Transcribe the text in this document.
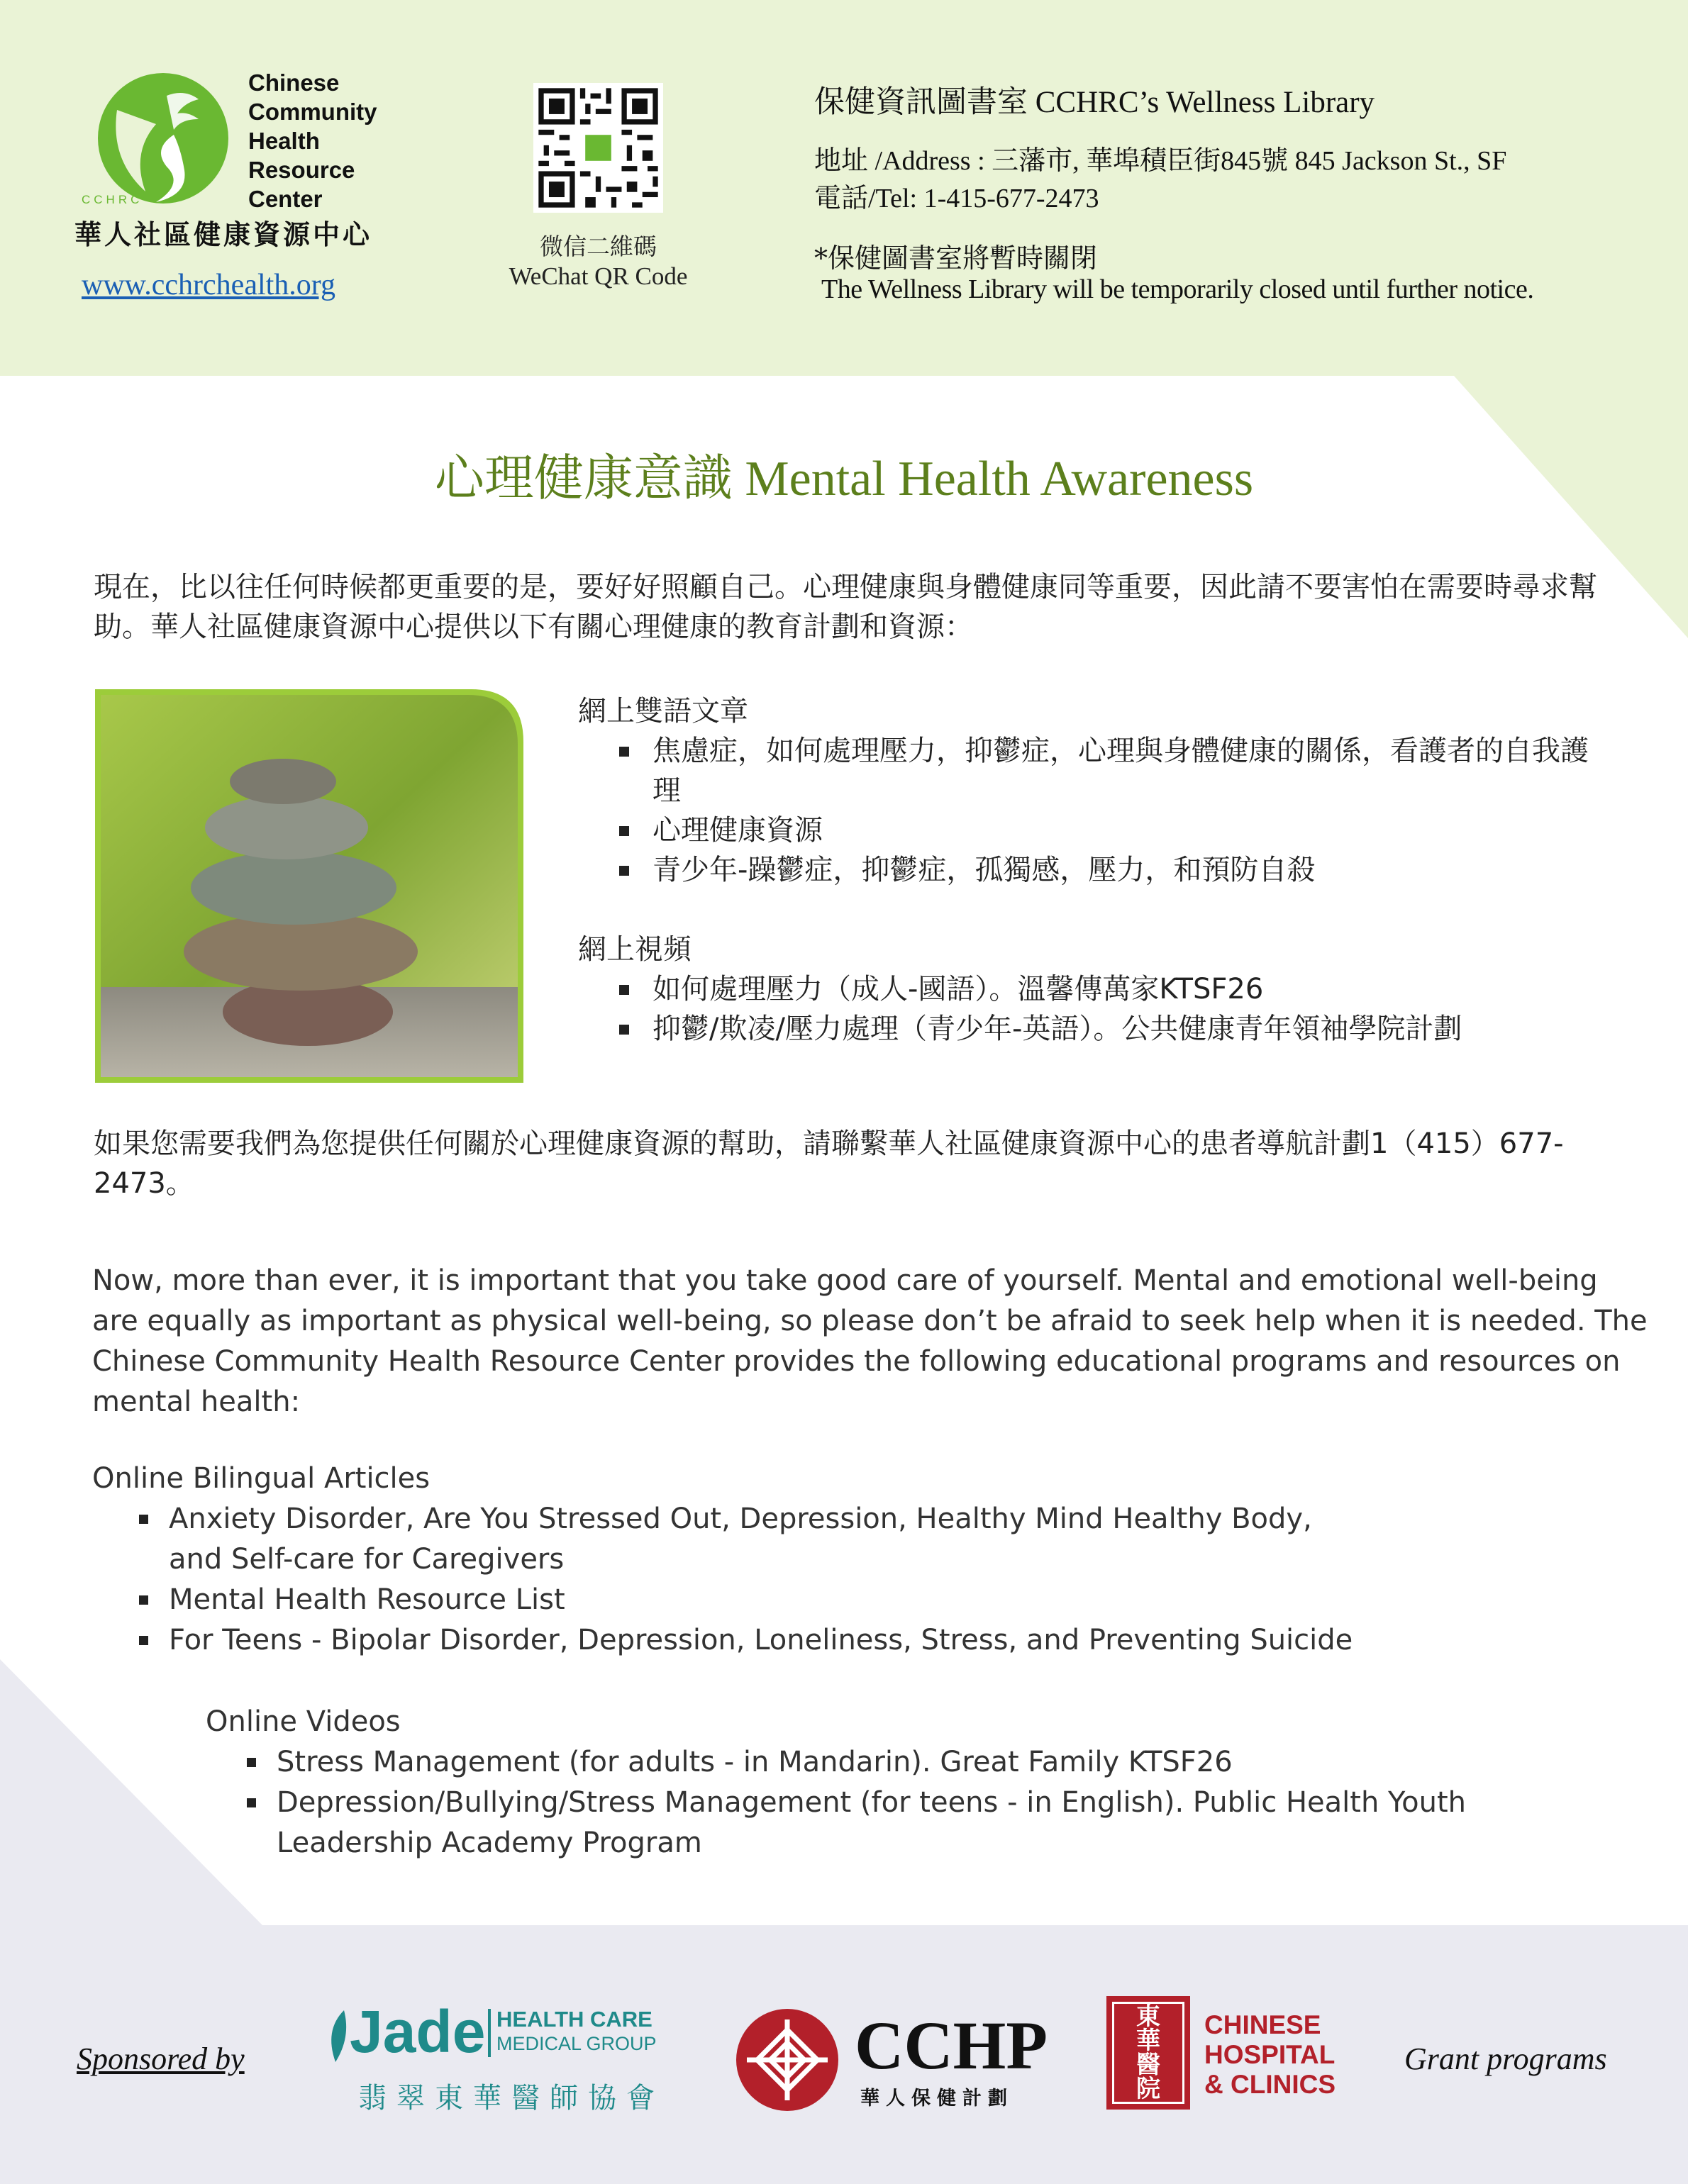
Chinese
Community
Health
Resource
Center
CCHRC
華人社區健康資源中心
www.cchrchealth.org
微信二維碼
WeChat QR Code
保健資訊圖書室 CCHRC’s Wellness Library
地址 /Address : 三藩市, 華埠積臣街845號 845 Jackson St., SF
電話/Tel: 1-415-677-2473
*保健圖書室將暫時關閉
The Wellness Library will be temporarily closed until further notice.
心理健康意識 Mental Health Awareness
現在，比以往任何時候都更重要的是，要好好照顧自己。心理健康與身體健康同等重要，因此請不要害怕在需要時尋求幫助。華人社區健康資源中心提供以下有關心理健康的教育計劃和資源：
網上雙語文章
焦慮症，如何處理壓力，抑鬱症，心理與身體健康的關係，看護者的自我護理
心理健康資源
青少年-躁鬱症，抑鬱症，孤獨感，壓力，和預防自殺
網上視頻
如何處理壓力（成人-國語）。溫馨傳萬家KTSF26
抑鬱/欺凌/壓力處理（青少年-英語）。公共健康青年領袖學院計劃
如果您需要我們為您提供任何關於心理健康資源的幫助，請聯繫華人社區健康資源中心的患者導航計劃1（415）677-2473。
Now, more than ever, it is important that you take good care of yourself. Mental and emotional well-being are equally as important as physical well-being, so please don’t be afraid to seek help when it is needed. The Chinese Community Health Resource Center provides the following educational programs and resources on mental health:
Online Bilingual Articles
Anxiety Disorder, Are You Stressed Out, Depression, Healthy Mind Healthy Body, and Self-care for Caregivers
Mental Health Resource List
For Teens - Bipolar Disorder, Depression, Loneliness, Stress, and Preventing Suicide
Online Videos
Stress Management (for adults - in Mandarin). Great Family KTSF26
Depression/Bullying/Stress Management (for teens - in English). Public Health Youth Leadership Academy Program
Sponsored by Jade HEALTH CARE
MEDICAL GROUP
翡翠東華醫師協會
CCHP
華人保健計劃
東華醫院
CHINESE
HOSPITAL
& CLINICS
Grant programs
